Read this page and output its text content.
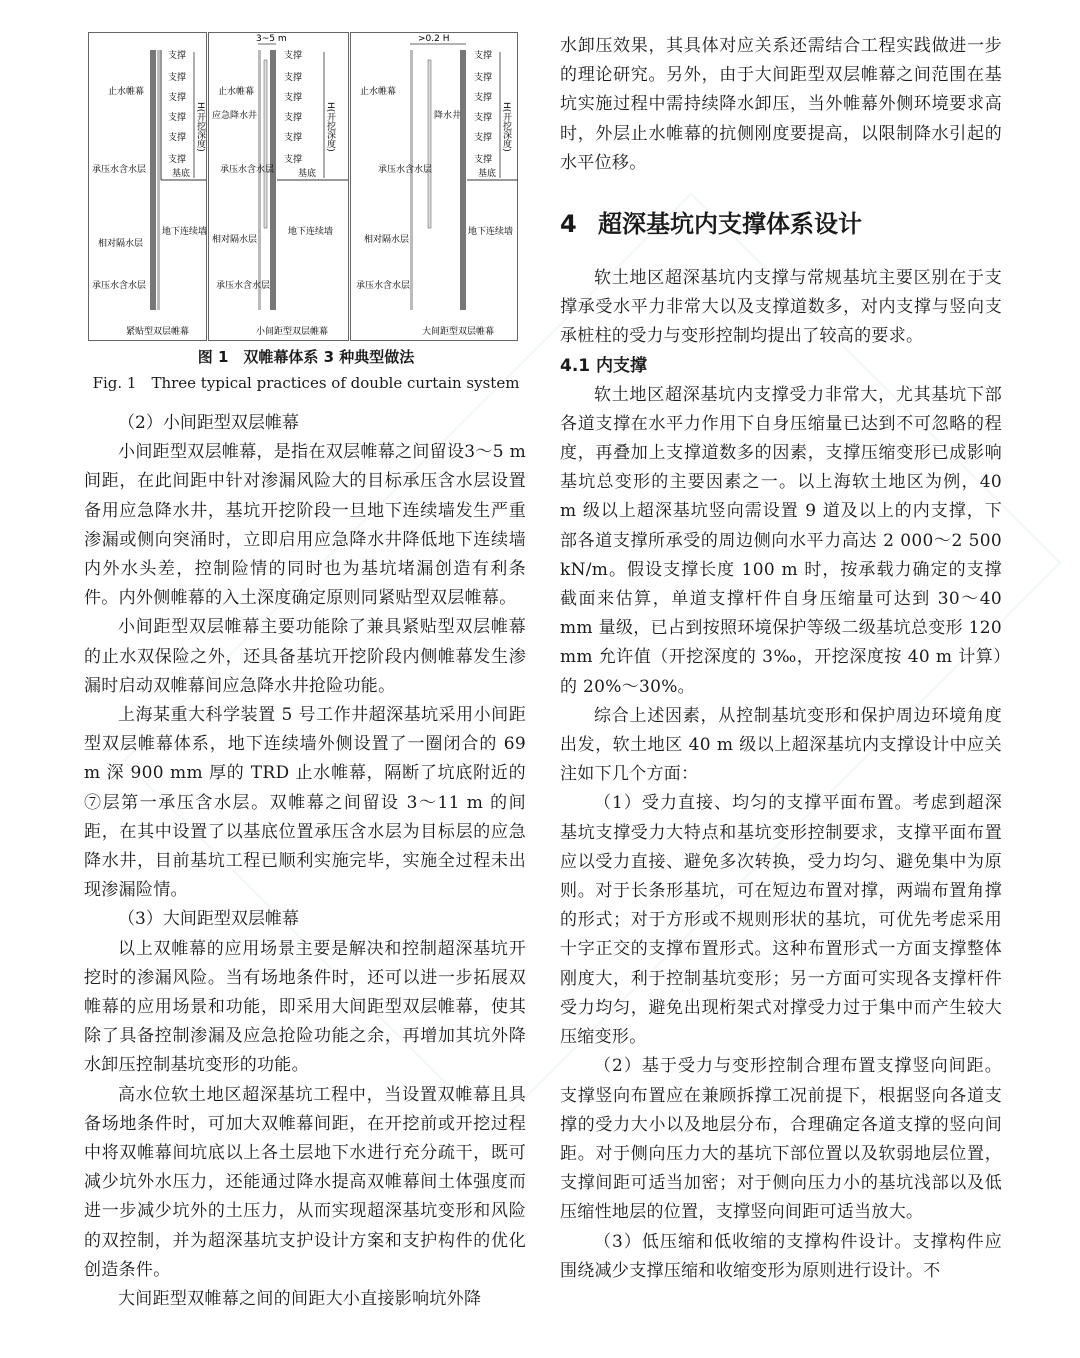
H(开挖深度)
支撑
支撑
支撑
支撑
支撑
支撑
基底
止水帷幕
承压水含水层
相对隔水层
承压水含水层
地下连续墙
紧贴型双层帷幕
H(开挖深度)
3~5 m
支撑
支撑
支撑
支撑
支撑
支撑
基底
止水帷幕
应急降水井
承压水含水层
相对隔水层
承压水含水层
地下连续墙
小间距型双层帷幕
H(开挖深度)
>0.2 H
支撑
支撑
支撑
支撑
支撑
支撑
基底
止水帷幕
降水井
承压水含水层
相对隔水层
承压水含水层
地下连续墙
大间距型双层帷幕
图 1　双帷幕体系 3 种典型做法
Fig. 1　Three typical practices of double curtain system

（2）小间距型双层帷幕

小间距型双层帷幕，是指在双层帷幕之间留设3～5 m间距，在此间距中针对渗漏风险大的目标承压含水层设置备用应急降水井，基坑开挖阶段一旦地下连续墙发生严重渗漏或侧向突涌时，立即启用应急降水井降低地下连续墙内外水头差，控制险情的同时也为基坑堵漏创造有利条件。内外侧帷幕的入土深度确定原则同紧贴型双层帷幕。

小间距型双层帷幕主要功能除了兼具紧贴型双层帷幕的止水双保险之外，还具备基坑开挖阶段内侧帷幕发生渗漏时启动双帷幕间应急降水井抢险功能。

上海某重大科学装置 5 号工作井超深基坑采用小间距型双层帷幕体系，地下连续墙外侧设置了一圈闭合的 69 m 深 900 mm 厚的 TRD 止水帷幕，隔断了坑底附近的⑦层第一承压含水层。双帷幕之间留设 3～11 m 的间距，在其中设置了以基底位置承压含水层为目标层的应急降水井，目前基坑工程已顺利实施完毕，实施全过程未出现渗漏险情。

（3）大间距型双层帷幕

以上双帷幕的应用场景主要是解决和控制超深基坑开挖时的渗漏风险。当有场地条件时，还可以进一步拓展双帷幕的应用场景和功能，即采用大间距型双层帷幕，使其除了具备控制渗漏及应急抢险功能之余，再增加其坑外降水卸压控制基坑变形的功能。

高水位软土地区超深基坑工程中，当设置双帷幕且具备场地条件时，可加大双帷幕间距，在开挖前或开挖过程中将双帷幕间坑底以上各土层地下水进行充分疏干，既可减少坑外水压力，还能通过降水提高双帷幕间土体强度而进一步减少坑外的土压力，从而实现超深基坑变形和风险的双控制，并为超深基坑支护设计方案和支护构件的优化创造条件。

大间距型双帷幕之间的间距大小直接影响坑外降

水卸压效果，其具体对应关系还需结合工程实践做进一步的理论研究。另外，由于大间距型双层帷幕之间范围在基坑实施过程中需持续降水卸压，当外帷幕外侧环境要求高时，外层止水帷幕的抗侧刚度要提高，以限制降水引起的水平位移。

4 超深基坑内支撑体系设计

软土地区超深基坑内支撑与常规基坑主要区别在于支撑承受水平力非常大以及支撑道数多，对内支撑与竖向支承桩柱的受力与变形控制均提出了较高的要求。

4.1 内支撑

软土地区超深基坑内支撑受力非常大，尤其基坑下部各道支撑在水平力作用下自身压缩量已达到不可忽略的程度，再叠加上支撑道数多的因素，支撑压缩变形已成影响基坑总变形的主要因素之一。以上海软土地区为例，40 m 级以上超深基坑竖向需设置 9 道及以上的内支撑，下部各道支撑所承受的周边侧向水平力高达 2 000～2 500 kN/m。假设支撑长度 100 m 时，按承载力确定的支撑截面来估算，单道支撑杆件自身压缩量可达到 30～40 mm 量级，已占到按照环境保护等级二级基坑总变形 120 mm 允许值（开挖深度的 3‰，开挖深度按 40 m 计算）的 20%～30%。

综合上述因素，从控制基坑变形和保护周边环境角度出发，软土地区 40 m 级以上超深基坑内支撑设计中应关注如下几个方面：

（1）受力直接、均匀的支撑平面布置。考虑到超深基坑支撑受力大特点和基坑变形控制要求，支撑平面布置应以受力直接、避免多次转换，受力均匀、避免集中为原则。对于长条形基坑，可在短边布置对撑，两端布置角撑的形式；对于方形或不规则形状的基坑，可优先考虑采用十字正交的支撑布置形式。这种布置形式一方面支撑整体刚度大，利于控制基坑变形；另一方面可实现各支撑杆件受力均匀，避免出现桁架式对撑受力过于集中而产生较大压缩变形。

（2）基于受力与变形控制合理布置支撑竖向间距。支撑竖向布置应在兼顾拆撑工况前提下，根据竖向各道支撑的受力大小以及地层分布，合理确定各道支撑的竖向间距。对于侧向压力大的基坑下部位置以及软弱地层位置，支撑间距可适当加密；对于侧向压力小的基坑浅部以及低压缩性地层的位置，支撑竖向间距可适当放大。

（3）低压缩和低收缩的支撑构件设计。支撑构件应围绕减少支撑压缩和收缩变形为原则进行设计。不
